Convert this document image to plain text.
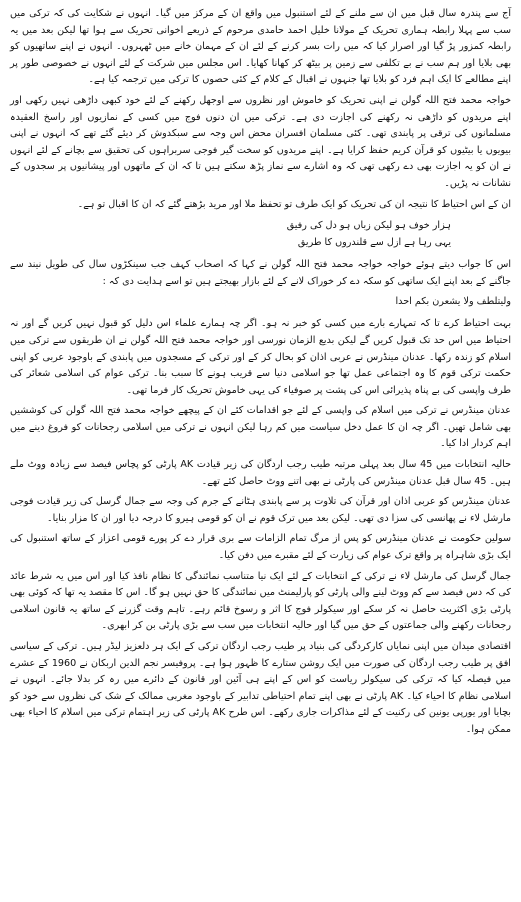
آج سے پندرہ سال قبل میں ان سے ملنے کے لئے استنبول میں واقع ان کے مرکز میں گیا۔ انہوں نے شکایت کی کہ ترکی میں سب سے پہلا رابطہ ہماری تحریک کے مولانا خلیل احمد حامدی مرحوم کے ذریعے اخوانی تحریک سے ہوا تھا لیکن بعد میں یہ رابطہ کمزور پڑ گیا اور اصرار کیا کہ میں رات بسر کرنے کے لئے ان کے مہمان خانے میں ٹھہروں۔ انہوں نے اپنے ساتھیوں کو بھی بلایا اور ہم سب نے بے تکلفی سے زمین پر بیٹھ کر کھانا کھایا۔ اس مجلس میں شرکت کے لئے انہوں نے خصوصی طور پر اپنے مطالعے کا ایک اہم فرد کو بلایا تھا جنہوں نے اقبال کے کلام کے کئی حصوں کا ترکی میں ترجمہ کیا ہے۔

خواجہ محمد فتح اللہ گولن نے اپنی تحریک کو خاموش اور نظروں سے اوجھل رکھنے کے لئے خود کبھی داڑھی نہیں رکھی اور اپنے مریدوں کو داڑھی نہ رکھنے کی اجازت دی ہے۔ ترکی میں ان دنوں فوج میں کسی کے نمازیوں اور راسخ العقیدہ مسلمانوں کی ترقی پر پابندی تھی۔ کئی مسلمان افسران محض اس وجہ سے سبکدوش کر دیئے گئے تھے کہ انہوں نے اپنی بیویوں یا بیٹیوں کو قرآن کریم حفظ کرایا ہے۔ اپنے مریدوں کو سخت گیر فوجی سربراہوں کی تحقیق سے بچانے کے لئے انہوں نے ان کو یہ اجازت بھی دے رکھی تھی کہ وہ اشارے سے نماز پڑھ سکتے ہیں تا کہ ان کے ماتھوں اور پیشانیوں پر سجدوں کے نشانات نہ پڑیں۔

ان کے اس احتیاط کا نتیجہ ان کی تحریک کو ایک طرف تو تحفظ ملا اور مرید بڑھتے گئے کہ ان کا اقبال تو ہے۔

ہزار خوف ہو لیکن زباں ہو دل کی رفیق
یہی رہا ہے ازل سے قلندروں کا طریق

اس کا جواب دیتے ہوئے خواجہ خواجہ محمد فتح اللہ گولن نے کہا کہ اصحاب کہف جب سینکڑوں سال کی طویل نیند سے جاگنے کے بعد اپنے ایک ساتھی کو سکہ دے کر خوراک لانے کے لئے بازار بھیجتے ہیں تو اسے ہدایت دی کہ :

ولیتلطف ولا یشعرن بکم احدا

بہت احتیاط کرے تا کہ تمہارے بارے میں کسی کو خبر نہ ہو۔ اگر چہ ہمارے علماء اس دلیل کو قبول نہیں کریں گے اور نہ احتیاط میں اس حد تک قبول کریں گے لیکن بدیع الزمان نورسی اور خواجہ محمد فتح اللہ گولن نے ان طریقوں سے ترکی میں اسلام کو زندہ رکھا۔ عدنان مینڈرس نے عربی اذان کو بحال کر کے اور ترکی کے مسجدوں میں پابندی کے باوجود عربی کو اپنی حکمت ترکی قوم کا وہ اجتماعی عمل تھا جو اسلامی دنیا سے قریب ہونے کا سبب بنا۔ ترکی عوام کی اسلامی شعائر کی طرف واپسی کی بے پناہ پذیرائی اس کی پشت پر صوفیاء کی یہی خاموش تحریک کار فرما تھی۔

عدنان مینڈرس نے ترکی میں اسلام کی واپسی کے لئے جو اقدامات کئے ان کے پیچھے خواجہ محمد فتح اللہ گولن کی کوششیں بھی شامل تھیں۔ اگر چہ ان کا عمل دخل سیاست میں کم رہا لیکن انہوں نے ترکی میں اسلامی رجحانات کو فروغ دینے میں اہم کردار ادا کیا۔

حالیہ انتخابات میں 45 سال بعد پہلی مرتبہ طیب رجب اردگان کی زیر قیادت AK پارٹی کو پچاس فیصد سے زیادہ ووٹ ملے ہیں۔ 45 سال قبل عدنان مینڈرس کی پارٹی نے بھی اتنے ووٹ حاصل کئے تھے۔

عدنان مینڈرس کو عربی اذان اور قرآن کی تلاوت پر سے پابندی ہٹانے کے جرم کی وجہ سے جمال گرسل کی زیر قیادت فوجی مارشل لاء نے پھانسی کی سزا دی تھی۔ لیکن بعد میں ترک قوم نے ان کو قومی ہیرو کا درجہ دیا اور ان کا مزار بنایا۔

سولین حکومت نے عدنان مینڈرس کو پس از مرگ تمام الزامات سے بری قرار دے کر پورے قومی اعزاز کے ساتھ استنبول کی ایک بڑی شاہراہ پر واقع ترک عوام کی زیارت کے لئے مقبرے میں دفن کیا۔

جمال گرسل کی مارشل لاء نے ترکی کے انتخابات کے لئے ایک نیا متناسب نمائندگی کا نظام نافذ کیا اور اس میں یہ شرط عائد کی کہ دس فیصد سے کم ووٹ لینے والی پارٹی کو پارلیمنٹ میں نمائندگی کا حق نہیں ہو گا۔ اس کا مقصد یہ تھا کہ کوئی بھی پارٹی بڑی اکثریت حاصل نہ کر سکے اور سیکولر فوج کا اثر و رسوخ قائم رہے۔ تاہم وقت گزرنے کے ساتھ یہ قانون اسلامی رجحانات رکھنے والی جماعتوں کے حق میں گیا اور حالیہ انتخابات میں سب سے بڑی پارٹی بن کر ابھری۔

اقتصادی میدان میں اپنی نمایاں کارکردگی کی بنیاد پر طیب رجب اردگان ترکی کے ایک ہر دلعزیز لیڈر ہیں۔ ترکی کے سیاسی افق پر طیب رجب اردگان کی صورت میں ایک روشن ستارے کا ظہور ہوا ہے۔ پروفیسر نجم الدین اربکان نے 1960 کے عشرے میں فیصلہ کیا کہ ترکی کی سیکولر ریاست کو اس کے اپنے ہی آئین اور قانون کے دائرے میں رہ کر بدلا جائے۔ انہوں نے اسلامی نظام کا احیاء کیا۔ AK پارٹی نے بھی اپنے تمام احتیاطی تدابیر کے باوجود مغربی ممالک کے شک کی نظروں سے خود کو بچایا اور یورپی یونین کی رکنیت کے لئے مذاکرات جاری رکھے۔ اس طرح AK پارٹی کی زیر اہتمام ترکی میں اسلام کا احیاء بھی ممکن ہوا۔
